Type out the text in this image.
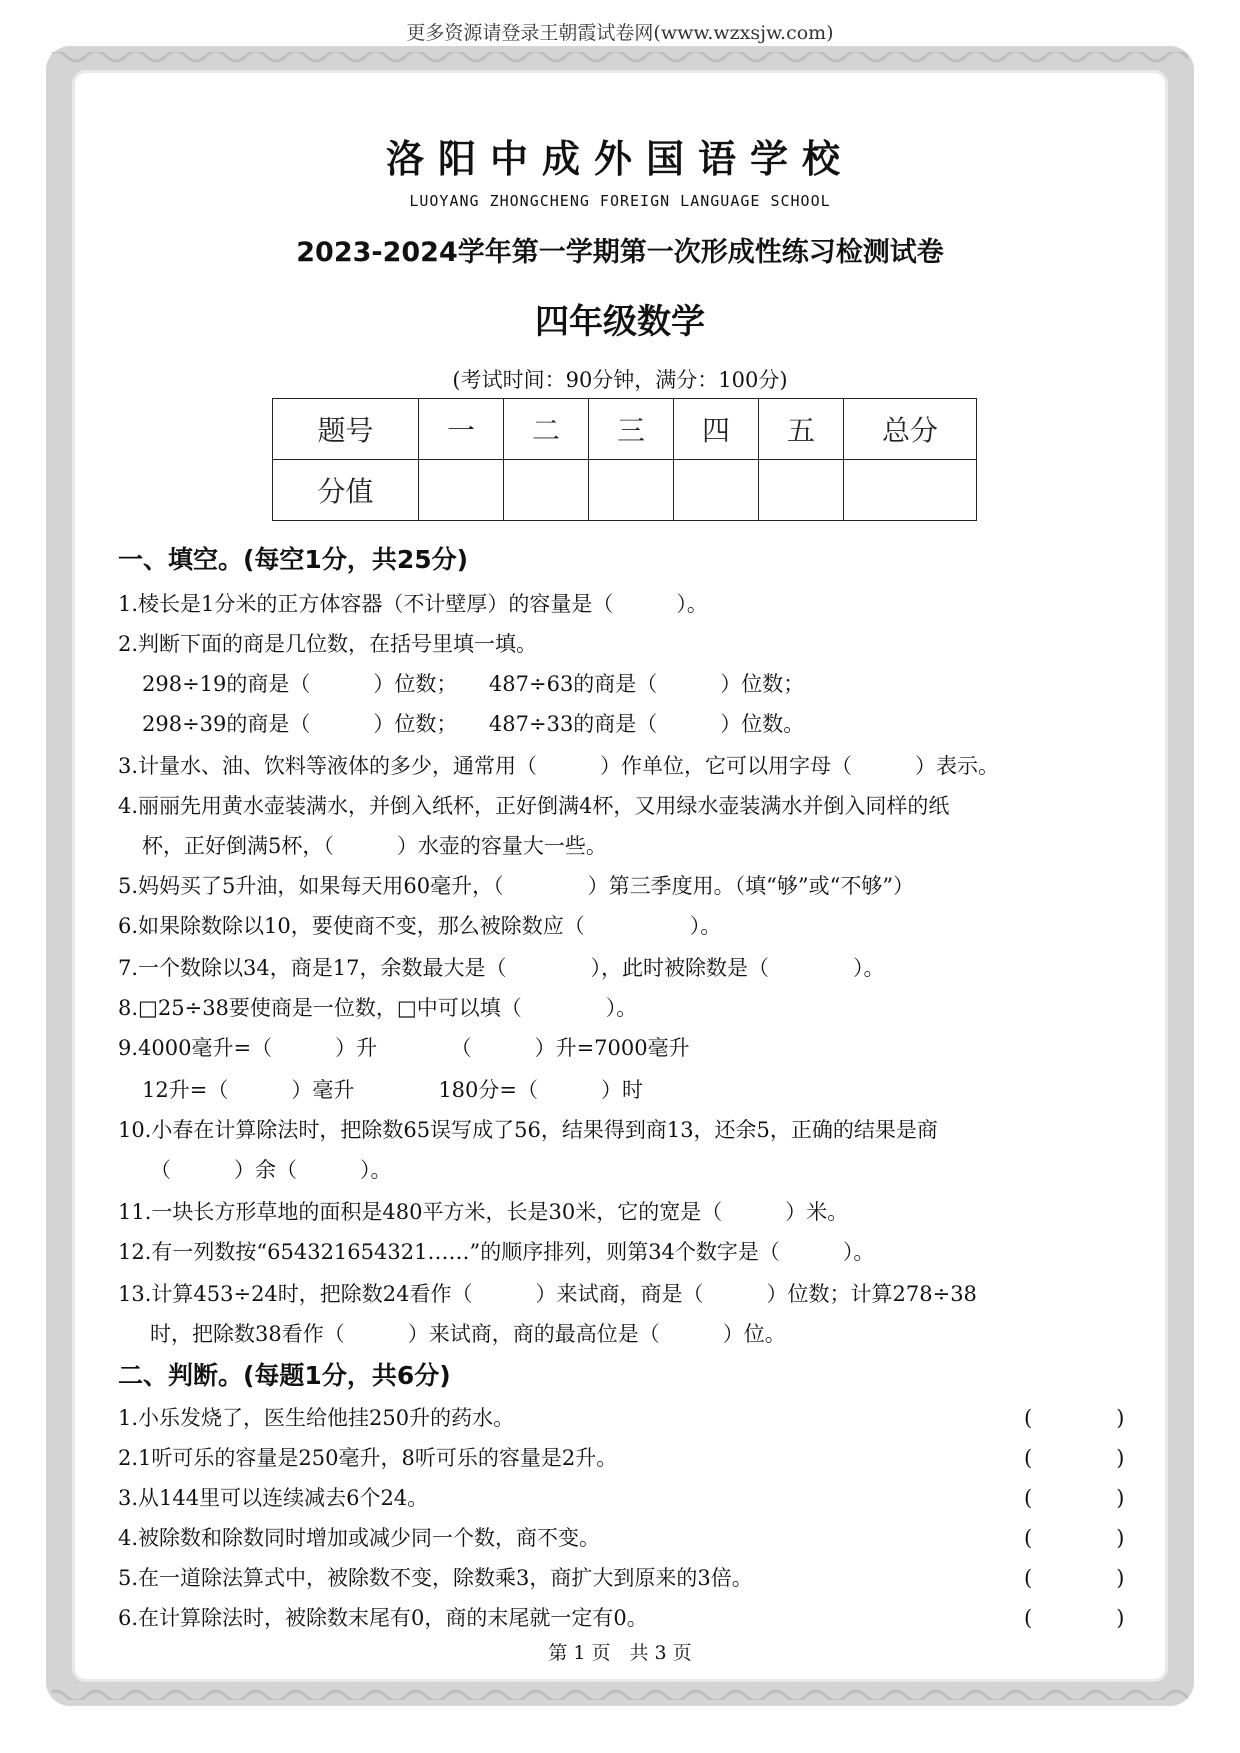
更多资源请登录王朝霞试卷网(www.wzxsjw.com)
洛阳中成外国语学校
LUOYANG ZHONGCHENG FOREIGN LANGUAGE SCHOOL
2023-2024学年第一学期第一次形成性练习检测试卷
四年级数学
(考试时间：90分钟，满分：100分)
题号	一	二	三	四	五	总分
分值						
一、填空。(每空1分，共25分)
1.棱长是1分米的正方体容器（不计壁厚）的容量是（　　　）。
2.判断下面的商是几位数，在括号里填一填。
298÷19的商是（　　　）位数；　　487÷63的商是（　　　）位数；
298÷39的商是（　　　）位数；　　487÷33的商是（　　　）位数。
3.计量水、油、饮料等液体的多少，通常用（　　　）作单位，它可以用字母（　　　）表示。
4.丽丽先用黄水壶装满水，并倒入纸杯，正好倒满4杯，又用绿水壶装满水并倒入同样的纸
杯，正好倒满5杯，（　　　）水壶的容量大一些。
5.妈妈买了5升油，如果每天用60毫升，（　　　　）第三季度用。（填“够”或“不够”）
6.如果除数除以10，要使商不变，那么被除数应（　　　　　）。
7.一个数除以34，商是17，余数最大是（　　　　），此时被除数是（　　　　）。
8.□25÷38要使商是一位数，□中可以填（　　　　）。
9.4000毫升=（　　　）升　　　　（　　　）升=7000毫升
12升=（　　　）毫升　　　　180分=（　　　）时
10.小春在计算除法时，把除数65误写成了56，结果得到商13，还余5，正确的结果是商
（　　　）余（　　　）。
11.一块长方形草地的面积是480平方米，长是30米，它的宽是（　　　）米。
12.有一列数按“654321654321……”的顺序排列，则第34个数字是（　　　）。
13.计算453÷24时，把除数24看作（　　　）来试商，商是（　　　）位数；计算278÷38
时，把除数38看作（　　　）来试商，商的最高位是（　　　）位。
二、判断。(每题1分，共6分)
1.小乐发烧了，医生给他挂250升的药水。	(　　　　)
2.1听可乐的容量是250毫升，8听可乐的容量是2升。	(　　　　)
3.从144里可以连续减去6个24。	(　　　　)
4.被除数和除数同时增加或减少同一个数，商不变。	(　　　　)
5.在一道除法算式中，被除数不变，除数乘3，商扩大到原来的3倍。	(　　　　)
6.在计算除法时，被除数末尾有0，商的末尾就一定有0。	(　　　　)
第 1 页　共 3 页
